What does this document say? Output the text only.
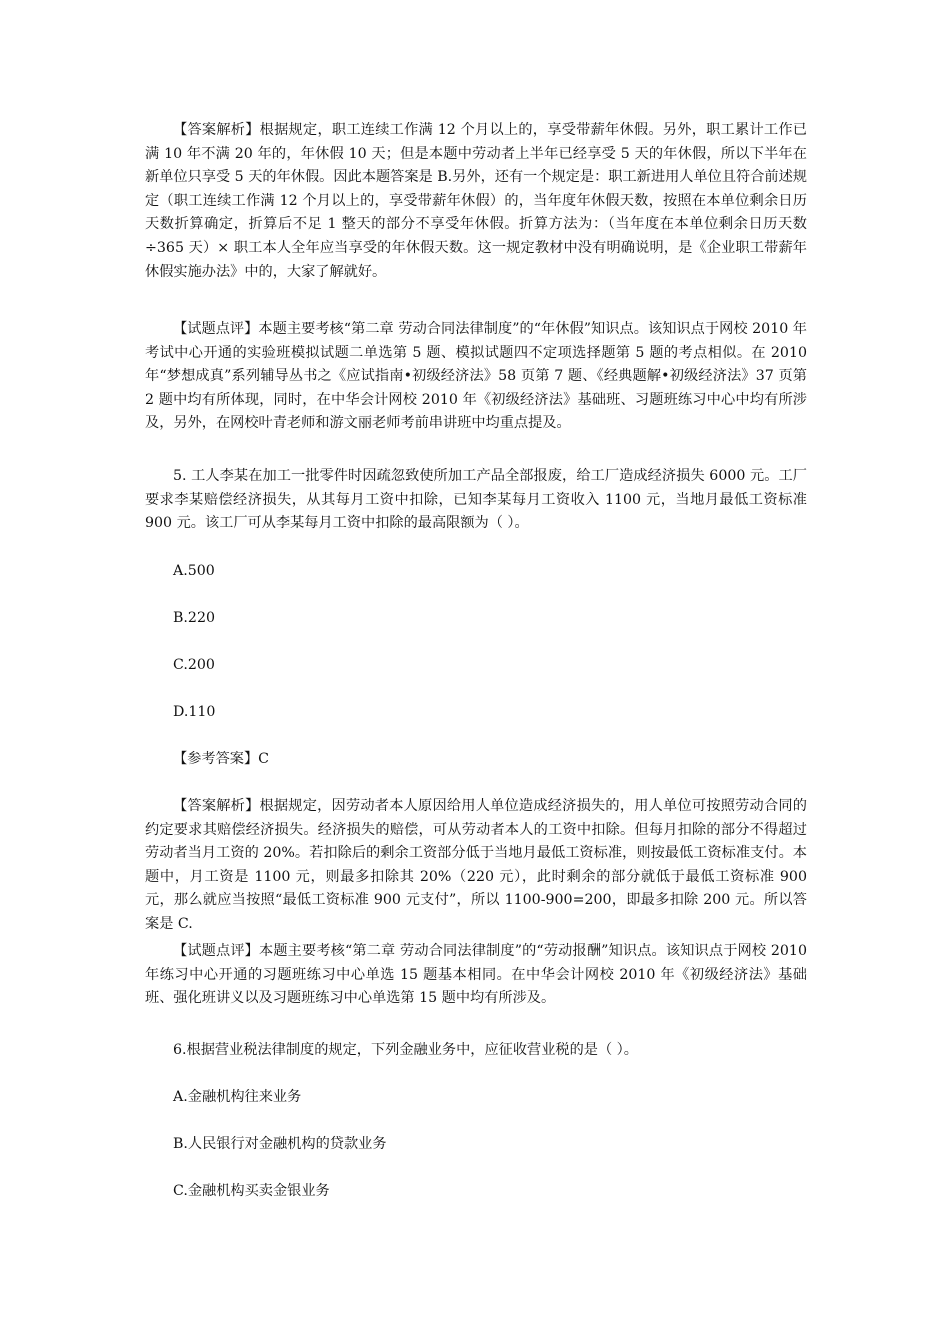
【答案解析】根据规定，职工连续工作满 12 个月以上的，享受带薪年休假。另外，职工累计工作已满 10 年不满 20 年的，年休假 10 天；但是本题中劳动者上半年已经享受 5 天的年休假，所以下半年在新单位只享受 5 天的年休假。因此本题答案是 B.另外，还有一个规定是：职工新进用人单位且符合前述规定（职工连续工作满 12 个月以上的，享受带薪年休假）的，当年度年休假天数，按照在本单位剩余日历天数折算确定，折算后不足 1 整天的部分不享受年休假。折算方法为：（当年度在本单位剩余日历天数 ÷365 天）× 职工本人全年应当享受的年休假天数。这一规定教材中没有明确说明，是《企业职工带薪年休假实施办法》中的，大家了解就好。

【试题点评】本题主要考核“第二章 劳动合同法律制度”的“年休假”知识点。该知识点于网校 2010 年考试中心开通的实验班模拟试题二单选第 5 题、模拟试题四不定项选择题第 5 题的考点相似。在 2010 年“梦想成真”系列辅导丛书之《应试指南•初级经济法》58 页第 7 题、《经典题解•初级经济法》37 页第 2 题中均有所体现，同时，在中华会计网校 2010 年《初级经济法》基础班、习题班练习中心中均有所涉及，另外，在网校叶青老师和游文丽老师考前串讲班中均重点提及。

5. 工人李某在加工一批零件时因疏忽致使所加工产品全部报废，给工厂造成经济损失 6000 元。工厂要求李某赔偿经济损失，从其每月工资中扣除，已知李某每月工资收入 1100 元，当地月最低工资标准 900 元。该工厂可从李某每月工资中扣除的最高限额为（ ）。

A.500

B.220

C.200

D.110

【参考答案】C

【答案解析】根据规定，因劳动者本人原因给用人单位造成经济损失的，用人单位可按照劳动合同的约定要求其赔偿经济损失。经济损失的赔偿，可从劳动者本人的工资中扣除。但每月扣除的部分不得超过劳动者当月工资的 20%。若扣除后的剩余工资部分低于当地月最低工资标准，则按最低工资标准支付。本题中，月工资是 1100 元，则最多扣除其 20%（220 元），此时剩余的部分就低于最低工资标准 900 元，那么就应当按照“最低工资标准 900 元支付”，所以 1100-900=200，即最多扣除 200 元。所以答案是 C.

【试题点评】本题主要考核“第二章 劳动合同法律制度”的“劳动报酬”知识点。该知识点于网校 2010 年练习中心开通的习题班练习中心单选 15 题基本相同。在中华会计网校 2010 年《初级经济法》基础班、强化班讲义以及习题班练习中心单选第 15 题中均有所涉及。

6.根据营业税法律制度的规定，下列金融业务中，应征收营业税的是（ ）。

A.金融机构往来业务

B.人民银行对金融机构的贷款业务

C.金融机构买卖金银业务
